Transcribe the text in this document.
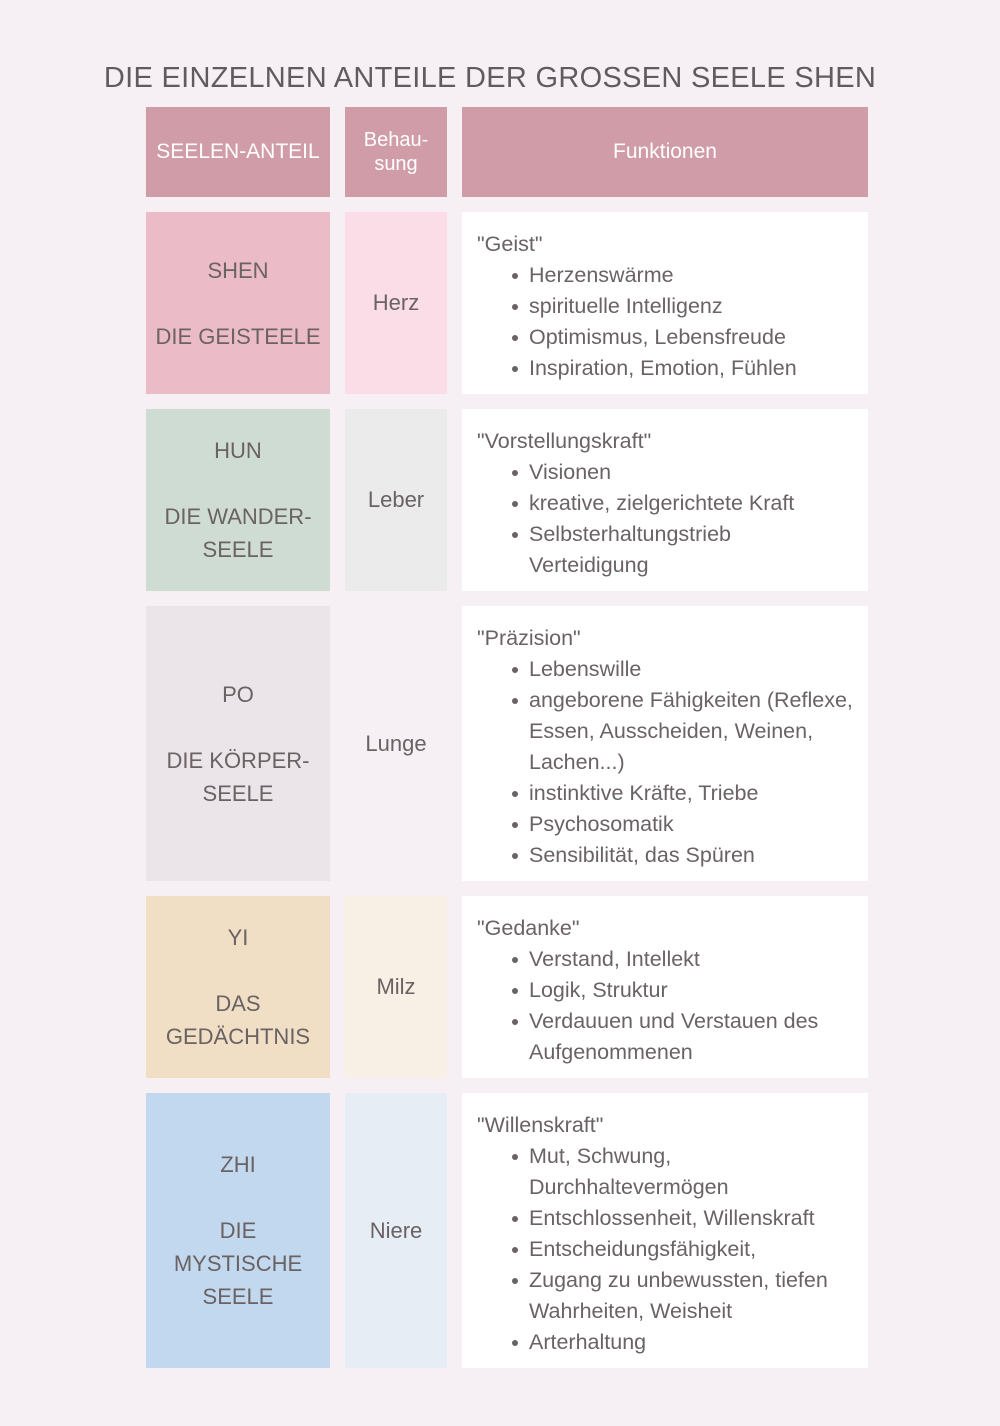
DIE EINZELNEN ANTEILE DER GROSSEN SEELE SHEN
SEELEN-ANTEIL Behau-
sung
Funktionen
SHEN
DIE GEISTEELE
Herz
"Geist"
Herzenswärme
spirituelle Intelligenz
Optimismus, Lebensfreude
Inspiration, Emotion, Fühlen
HUN
DIE WANDER-
SEELE
Leber
"Vorstellungskraft"
Visionen
kreative, zielgerichtete Kraft
Selbsterhaltungstrieb
Verteidigung
PO
DIE KÖRPER-
SEELE
Lunge
"Präzision"
Lebenswille
angeborene Fähigkeiten (Reflexe,
Essen, Ausscheiden, Weinen,
Lachen...)
instinktive Kräfte, Triebe
Psychosomatik
Sensibilität, das Spüren
YI
DAS
GEDÄCHTNIS
Milz
"Gedanke"
Verstand, Intellekt
Logik, Struktur
Verdauuen und Verstauen des
Aufgenommenen
ZHI
DIE
MYSTISCHE
SEELE
Niere
"Willenskraft"
Mut, Schwung,
Durchhaltevermögen
Entschlossenheit, Willenskraft
Entscheidungsfähigkeit,
Zugang zu unbewussten, tiefen
Wahrheiten, Weisheit
Arterhaltung
